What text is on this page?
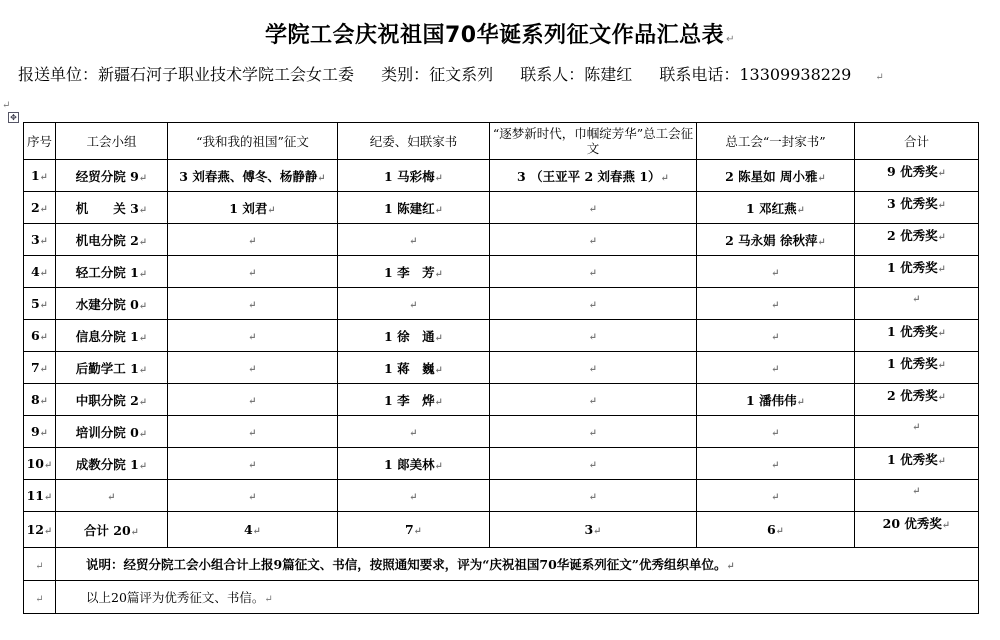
↵
学院工会庆祝祖国70华诞系列征文作品汇总表 ↵
报送单位：新疆石河子职业技术学院工会女工委 类别：征文系列 联系人：陈建红 联系电话：13309938229 ↵
✥
序号	工会小组	“我和我的祖国”征文	纪委、妇联家书	“逐梦新时代，巾帼绽芳华”总工会征文	总工会“一封家书”	合计
1↵	经贸分院 9↵	3 刘春燕、傅冬、杨静静↵	1 马彩梅↵	3 （王亚平 2 刘春燕 1）↵	2 陈星如 周小雅↵	9 优秀奖↵
2↵	机　　关 3↵	1 刘君↵	1 陈建红↵	↵	1 邓红燕↵	3 优秀奖↵
3↵	机电分院 2↵	↵	↵	↵	2 马永娟 徐秋萍↵	2 优秀奖↵
4↵	轻工分院 1↵	↵	1 李　芳↵	↵	↵	1 优秀奖↵
5↵	水建分院 0↵	↵	↵	↵	↵	↵
6↵	信息分院 1↵	↵	1 徐　通↵	↵	↵	1 优秀奖↵
7↵	后勤学工 1↵	↵	1 蒋　巍↵	↵	↵	1 优秀奖↵
8↵	中职分院 2↵	↵	1 李　烨↵	↵	1 潘伟伟↵	2 优秀奖↵
9↵	培训分院 0↵	↵	↵	↵	↵	↵
10↵	成教分院 1↵	↵	1 郞美林↵	↵	↵	1 优秀奖↵
11↵	↵	↵	↵	↵	↵	↵
12↵	合计 20↵	4↵	7↵	3↵	6↵	20 优秀奖↵
↵	说明：经贸分院工会小组合计上报9篇征文、书信，按照通知要求，评为“庆祝祖国70华诞系列征文”优秀组织单位。↵					
↵	以上20篇评为优秀征文、书信。↵					
